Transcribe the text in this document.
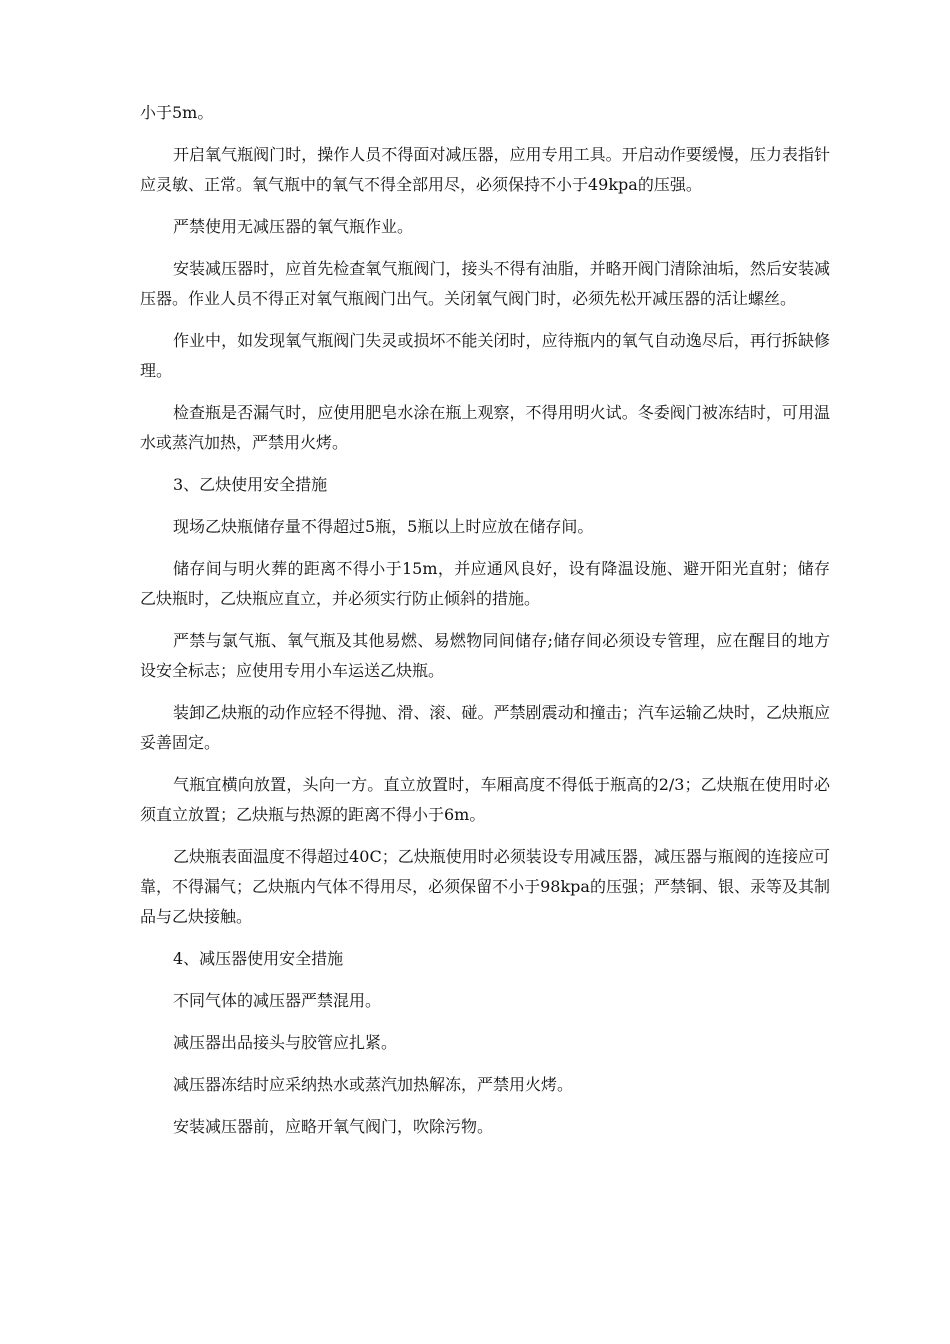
小于5m。

开启氧气瓶阀门时，操作人员不得面对减压器，应用专用工具。开启动作要缓慢，压力表指针应灵敏、正常。氧气瓶中的氧气不得全部用尽，必须保持不小于49kpa的压强。

严禁使用无减压器的氧气瓶作业。

安装减压器时，应首先检查氧气瓶阀门，接头不得有油脂，并略开阀门清除油垢，然后安装减压器。作业人员不得正对氧气瓶阀门出气。关闭氧气阀门时，必须先松开减压器的活让螺丝。

作业中，如发现氧气瓶阀门失灵或损坏不能关闭时，应待瓶内的氧气自动逸尽后，再行拆缺修理。

检查瓶是否漏气时，应使用肥皂水涂在瓶上观察，不得用明火试。冬委阀门被冻结时，可用温水或蒸汽加热，严禁用火烤。

3、乙炔使用安全措施

现场乙炔瓶储存量不得超过5瓶，5瓶以上时应放在储存间。

储存间与明火葬的距离不得小于15m，并应通风良好，设有降温设施、避开阳光直射；储存乙炔瓶时，乙炔瓶应直立，并必须实行防止倾斜的措施。

严禁与氯气瓶、氧气瓶及其他易燃、易燃物同间储存;储存间必须设专管理，应在醒目的地方设安全标志；应使用专用小车运送乙炔瓶。

装卸乙炔瓶的动作应轻不得抛、滑、滚、碰。严禁剧震动和撞击；汽车运输乙炔时，乙炔瓶应妥善固定。

气瓶宜横向放置，头向一方。直立放置时，车厢高度不得低于瓶高的2/3；乙炔瓶在使用时必须直立放置；乙炔瓶与热源的距离不得小于6m。

乙炔瓶表面温度不得超过40C；乙炔瓶使用时必须装设专用减压器，减压器与瓶阀的连接应可靠，不得漏气；乙炔瓶内气体不得用尽，必须保留不小于98kpa的压强；严禁铜、银、汞等及其制品与乙炔接触。

4、减压器使用安全措施

不同气体的减压器严禁混用。

减压器出品接头与胶管应扎紧。

减压器冻结时应采纳热水或蒸汽加热解冻，严禁用火烤。

安装减压器前，应略开氧气阀门，吹除污物。
